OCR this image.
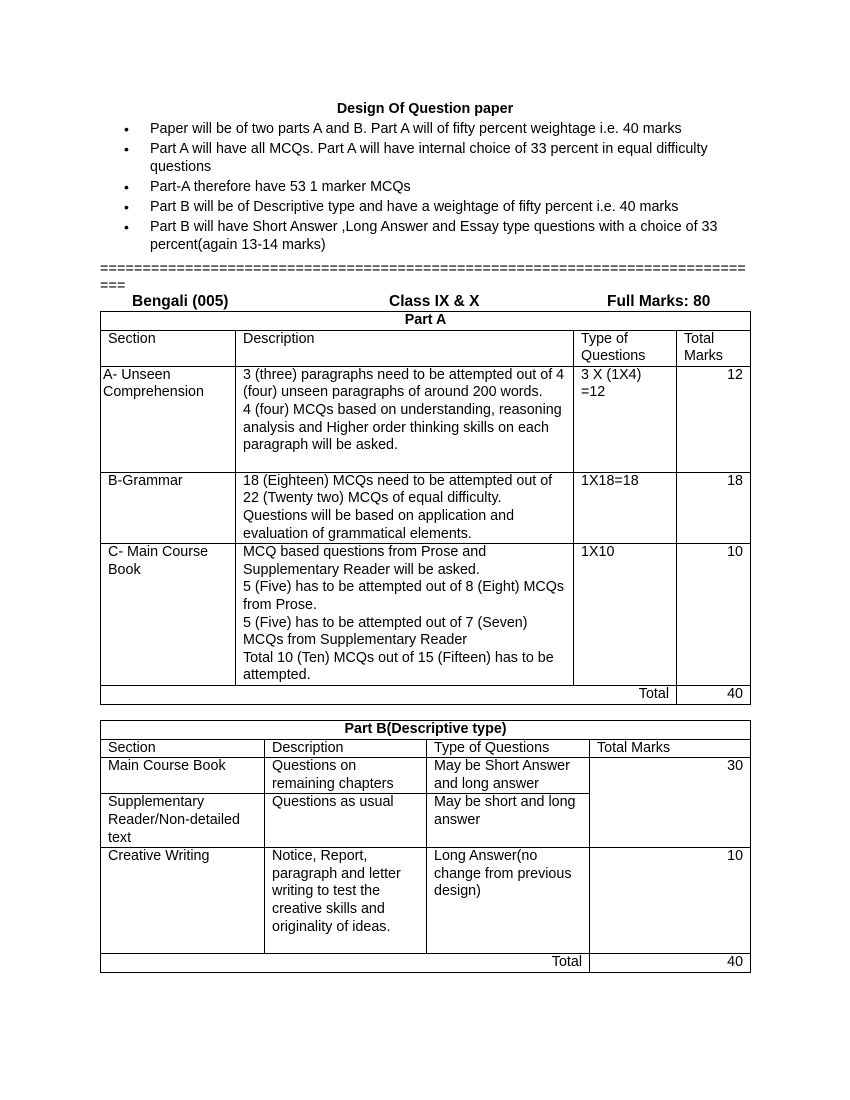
Design Of Question paper
• Paper will be of two parts A and B. Part A will of fifty percent weightage i.e. 40 marks
• Part A will have all MCQs. Part A will have internal choice of 33 percent in equal difficulty questions
• Part-A therefore have 53 1 marker MCQs
• Part B will be of Descriptive type and have a weightage of fifty percent i.e. 40 marks
• Part B will have Short Answer ,Long Answer and Essay type questions with a choice of 33 percent(again 13-14 marks)
===============================================================================
Bengali (005)	Class IX & X	Full Marks: 80
Part A			
Section	Description	Type of Questions	Total Marks
A- Unseen Comprehension	3 (three) paragraphs need to be attempted out of 4 (four) unseen paragraphs of around 200 words.
4 (four) MCQs based on understanding, reasoning analysis and Higher order thinking skills on each paragraph will be asked.	3 X (1X4) =12	12
B-Grammar	18 (Eighteen) MCQs need to be attempted out of 22 (Twenty two) MCQs of equal difficulty. Questions will be based on application and evaluation of grammatical elements.	1X18=18	18
C- Main Course Book	MCQ based questions from Prose and Supplementary Reader will be asked.
5 (Five) has to be attempted out of 8 (Eight) MCQs from Prose.
5 (Five) has to be attempted out of 7 (Seven) MCQs from Supplementary Reader
Total 10 (Ten) MCQs out of 15 (Fifteen) has to be attempted.	1X10	10
Total			40
Part B(Descriptive type)			
Section	Description	Type of Questions	Total Marks
Main Course Book	Questions on remaining chapters	May be Short Answer and long answer	30
Supplementary Reader/Non-detailed text	Questions as usual	May be short and long answer	
Creative Writing	Notice, Report, paragraph and letter writing to test the creative skills and originality of ideas.	Long Answer(no change from previous design)	10
Total			40
